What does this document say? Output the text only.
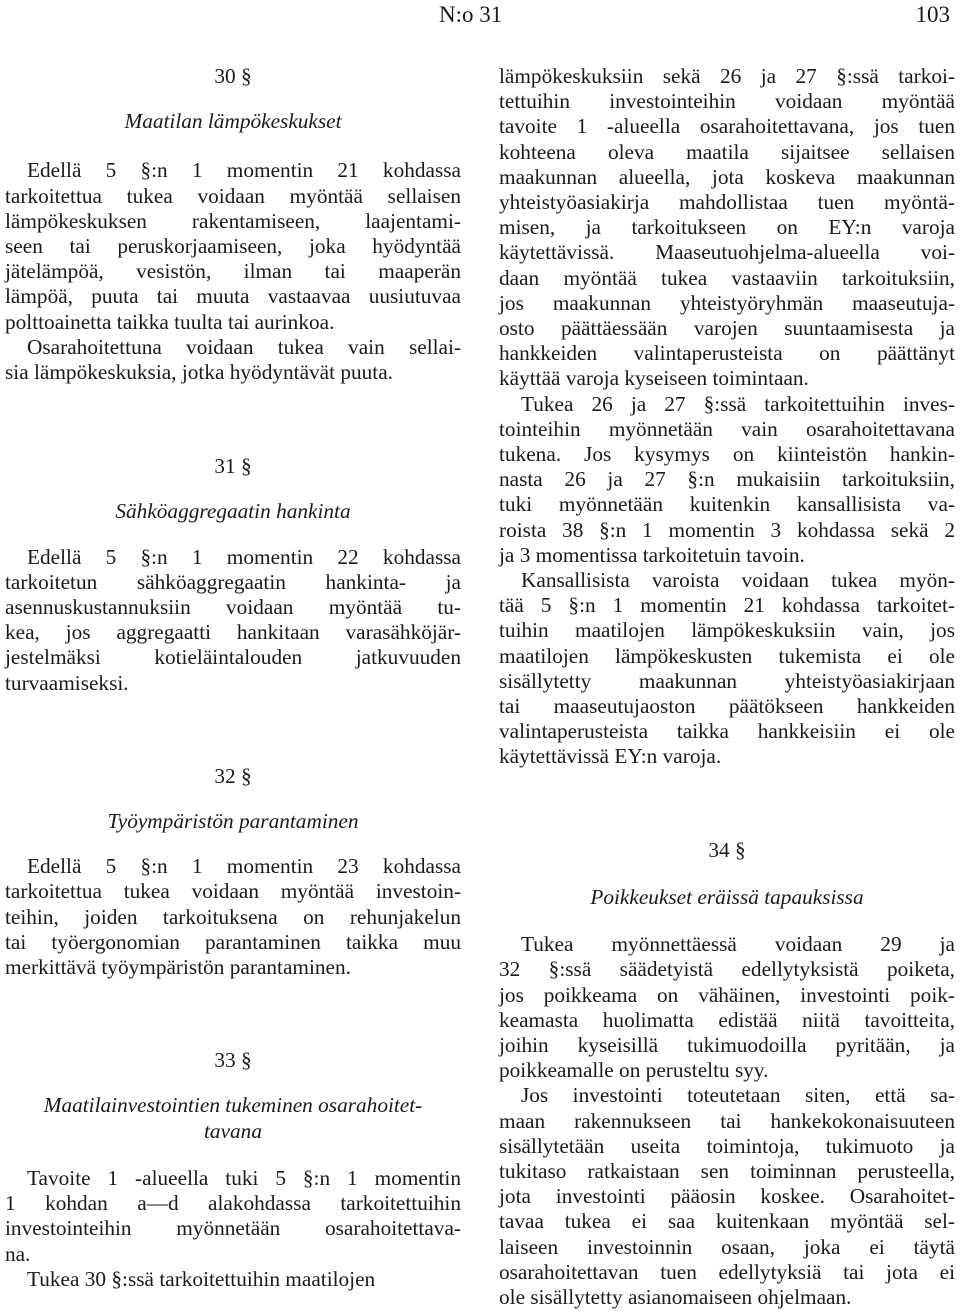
N:o 31	103
30 §
Maatilan lämpökeskukset
Edellä 5 §:n 1 momentin 21 kohdassa
tarkoitettua tukea voidaan myöntää sellaisen
lämpökeskuksen rakentamiseen, laajentami-
seen tai peruskorjaamiseen, joka hyödyntää
jätelämpöä, vesistön, ilman tai maaperän
lämpöä, puuta tai muuta vastaavaa uusiutuvaa
polttoainetta taikka tuulta tai aurinkoa.
Osarahoitettuna voidaan tukea vain sellai-
sia lämpökeskuksia, jotka hyödyntävät puuta.
31 §
Sähköaggregaatin hankinta
Edellä 5 §:n 1 momentin 22 kohdassa
tarkoitetun sähköaggregaatin hankinta- ja
asennuskustannuksiin voidaan myöntää tu-
kea, jos aggregaatti hankitaan varasähköjär-
jestelmäksi kotieläintalouden jatkuvuuden
turvaamiseksi.
32 §
Työympäristön parantaminen
Edellä 5 §:n 1 momentin 23 kohdassa
tarkoitettua tukea voidaan myöntää investoin-
teihin, joiden tarkoituksena on rehunjakelun
tai työergonomian parantaminen taikka muu
merkittävä työympäristön parantaminen.
33 §
Maatilainvestointien tukeminen osarahoitet-
tavana
Tavoite 1 -alueella tuki 5 §:n 1 momentin
1 kohdan a—d alakohdassa tarkoitettuihin
investointeihin myönnetään osarahoitettava-
na.
Tukea 30 §:ssä tarkoitettuihin maatilojen
lämpökeskuksiin sekä 26 ja 27 §:ssä tarkoi-
tettuihin investointeihin voidaan myöntää
tavoite 1 -alueella osarahoitettavana, jos tuen
kohteena oleva maatila sijaitsee sellaisen
maakunnan alueella, jota koskeva maakunnan
yhteistyöasiakirja mahdollistaa tuen myöntä-
misen, ja tarkoitukseen on EY:n varoja
käytettävissä. Maaseutuohjelma-alueella voi-
daan myöntää tukea vastaaviin tarkoituksiin,
jos maakunnan yhteistyöryhmän maaseutuja-
osto päättäessään varojen suuntaamisesta ja
hankkeiden valintaperusteista on päättänyt
käyttää varoja kyseiseen toimintaan.
Tukea 26 ja 27 §:ssä tarkoitettuihin inves-
tointeihin myönnetään vain osarahoitettavana
tukena. Jos kysymys on kiinteistön hankin-
nasta 26 ja 27 §:n mukaisiin tarkoituksiin,
tuki myönnetään kuitenkin kansallisista va-
roista 38 §:n 1 momentin 3 kohdassa sekä 2
ja 3 momentissa tarkoitetuin tavoin.
Kansallisista varoista voidaan tukea myön-
tää 5 §:n 1 momentin 21 kohdassa tarkoitet-
tuihin maatilojen lämpökeskuksiin vain, jos
maatilojen lämpökeskusten tukemista ei ole
sisällytetty maakunnan yhteistyöasiakirjaan
tai maaseutujaoston päätökseen hankkeiden
valintaperusteista taikka hankkeisiin ei ole
käytettävissä EY:n varoja.
34 §
Poikkeukset eräissä tapauksissa
Tukea myönnettäessä voidaan 29 ja
32 §:ssä säädetyistä edellytyksistä poiketa,
jos poikkeama on vähäinen, investointi poik-
keamasta huolimatta edistää niitä tavoitteita,
joihin kyseisillä tukimuodoilla pyritään, ja
poikkeamalle on perusteltu syy.
Jos investointi toteutetaan siten, että sa-
maan rakennukseen tai hankekokonaisuuteen
sisällytetään useita toimintoja, tukimuoto ja
tukitaso ratkaistaan sen toiminnan perusteella,
jota investointi pääosin koskee. Osarahoitet-
tavaa tukea ei saa kuitenkaan myöntää sel-
laiseen investoinnin osaan, joka ei täytä
osarahoitettavan tuen edellytyksiä tai jota ei
ole sisällytetty asianomaiseen ohjelmaan.
